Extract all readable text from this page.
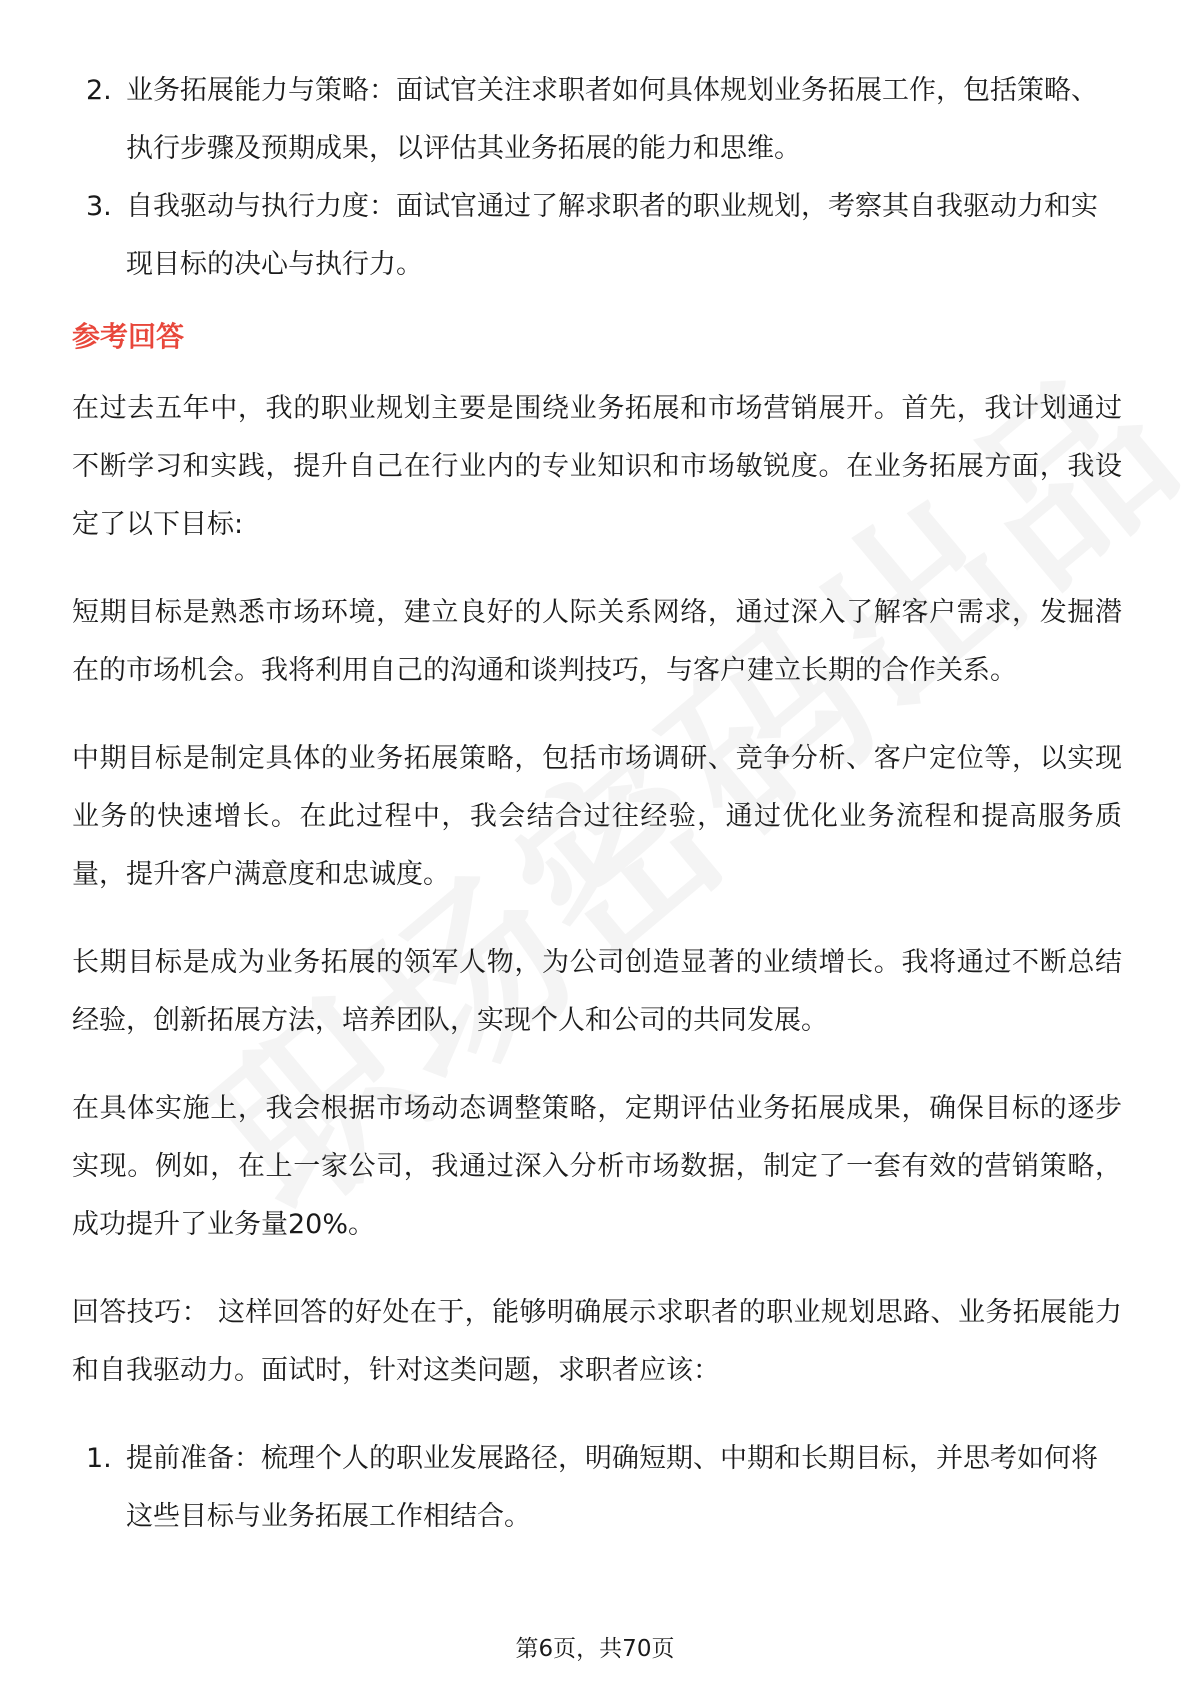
2. 业务拓展能力与策略：面试官关注求职者如何具体规划业务拓展工作，包括策略、执行步骤及预期成果，以评估其业务拓展的能力和思维。
3. 自我驱动与执行力度：面试官通过了解求职者的职业规划，考察其自我驱动力和实现目标的决心与执行力。
参考回答

在过去五年中，我的职业规划主要是围绕业务拓展和市场营销展开。首先，我计划通过不断学习和实践，提升自己在行业内的专业知识和市场敏锐度。在业务拓展方面，我设定了以下目标:

短期目标是熟悉市场环境，建立良好的人际关系网络，通过深入了解客户需求，发掘潜在的市场机会。我将利用自己的沟通和谈判技巧，与客户建立长期的合作关系。

中期目标是制定具体的业务拓展策略，包括市场调研、竞争分析、客户定位等，以实现业务的快速增长。在此过程中，我会结合过往经验，通过优化业务流程和提高服务质量，提升客户满意度和忠诚度。

长期目标是成为业务拓展的领军人物，为公司创造显著的业绩增长。我将通过不断总结经验，创新拓展方法，培养团队，实现个人和公司的共同发展。

在具体实施上，我会根据市场动态调整策略，定期评估业务拓展成果，确保目标的逐步实现。例如，在上一家公司，我通过深入分析市场数据，制定了一套有效的营销策略，成功提升了业务量20%。

回答技巧： 这样回答的好处在于，能够明确展示求职者的职业规划思路、业务拓展能力和自我驱动力。面试时，针对这类问题，求职者应该：

1. 提前准备：梳理个人的职业发展路径，明确短期、中期和长期目标，并思考如何将这些目标与业务拓展工作相结合。
第6页，共70页
